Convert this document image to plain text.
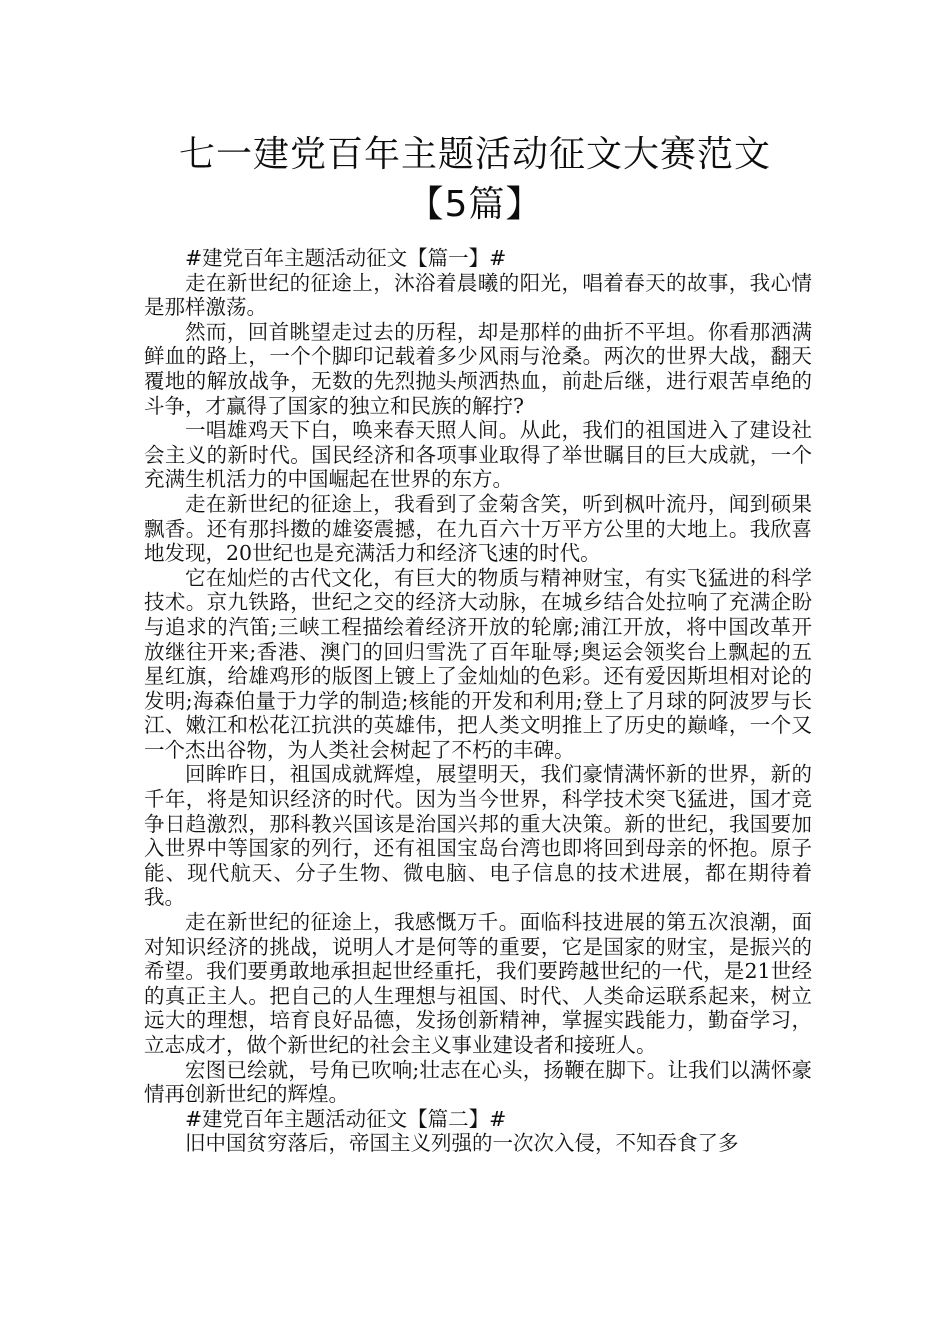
七一建党百年主题活动征文大赛范文
【5篇】

#建党百年主题活动征文【篇一】#

走在新世纪的征途上，沐浴着晨曦的阳光，唱着春天的故事，我心情是那样激荡。

然而，回首眺望走过去的历程，却是那样的曲折不平坦。你看那洒满鲜血的路上，一个个脚印记载着多少风雨与沧桑。两次的世界大战，翻天覆地的解放战争，无数的先烈抛头颅洒热血，前赴后继，进行艰苦卓绝的斗争，才赢得了国家的独立和民族的解拧?

一唱雄鸡天下白，唤来春天照人间。从此，我们的祖国进入了建设社会主义的新时代。国民经济和各项事业取得了举世瞩目的巨大成就，一个充满生机活力的中国崛起在世界的东方。

走在新世纪的征途上，我看到了金菊含笑，听到枫叶流丹，闻到硕果飘香。还有那抖擞的雄姿震撼，在九百六十万平方公里的大地上。我欣喜地发现，20世纪也是充满活力和经济飞速的时代。

它在灿烂的古代文化，有巨大的物质与精神财宝，有实飞猛进的科学技术。京九铁路，世纪之交的经济大动脉，在城乡结合处拉响了充满企盼与追求的汽笛;三峡工程描绘着经济开放的轮廓;浦江开放，将中国改革开放继往开来;香港、澳门的回归雪洗了百年耻辱;奥运会领奖台上飘起的五星红旗，给雄鸡形的版图上镀上了金灿灿的色彩。还有爱因斯坦相对论的发明;海森伯量于力学的制造;核能的开发和利用;登上了月球的阿波罗与长江、嫩江和松花江抗洪的英雄伟，把人类文明推上了历史的巅峰，一个又一个杰出谷物，为人类社会树起了不朽的丰碑。

回眸昨日，祖国成就辉煌，展望明天，我们豪情满怀新的世界，新的千年，将是知识经济的时代。因为当今世界，科学技术突飞猛进，国才竞争日趋激烈，那科教兴国该是治国兴邦的重大决策。新的世纪，我国要加入世界中等国家的列行，还有祖国宝岛台湾也即将回到母亲的怀抱。原子能、现代航天、分子生物、微电脑、电子信息的技术进展，都在期待着我。

走在新世纪的征途上，我感慨万千。面临科技进展的第五次浪潮，面对知识经济的挑战，说明人才是何等的重要，它是国家的财宝，是振兴的希望。我们要勇敢地承担起世经重托，我们要跨越世纪的一代，是21世经的真正主人。把自己的人生理想与祖国、时代、人类命运联系起来，树立远大的理想，培育良好品德，发扬创新精神，掌握实践能力，勤奋学习，立志成才，做个新世纪的社会主义事业建设者和接班人。

宏图已绘就，号角已吹响;壮志在心头，扬鞭在脚下。让我们以满怀豪情再创新世纪的辉煌。

#建党百年主题活动征文【篇二】#

旧中国贫穷落后，帝国主义列强的一次次入侵，不知吞食了多
